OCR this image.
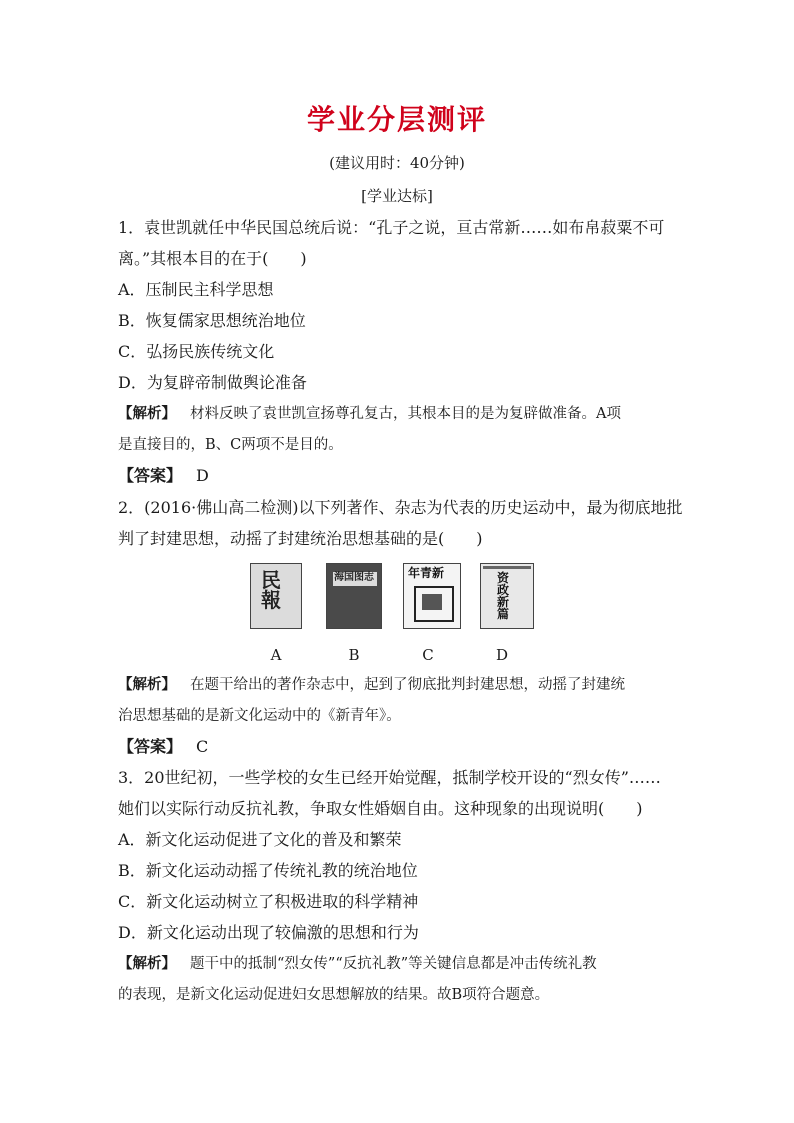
学业分层测评
(建议用时：40分钟)
[学业达标]
1．袁世凯就任中华民国总统后说：“孔子之说，亘古常新……如布帛菽粟不可
离。”其根本目的在于(　　)
A．压制民主科学思想
B．恢复儒家思想统治地位
C．弘扬民族传统文化
D．为复辟帝制做舆论准备
【解析】 材料反映了袁世凯宣扬尊孔复古，其根本目的是为复辟做准备。A项
是直接目的，B、C两项不是目的。
【答案】 D
2．(2016·佛山高二检测)以下列著作、杂志为代表的历史运动中，最为彻底地批
判了封建思想，动摇了封建统治思想基础的是(　　)
民報
海国图志	年青新	资政新篇
A	B	C	D
【解析】 在题干给出的著作杂志中，起到了彻底批判封建思想，动摇了封建统
治思想基础的是新文化运动中的《新青年》。
【答案】 C
3．20世纪初，一些学校的女生已经开始觉醒，抵制学校开设的“烈女传”……
她们以实际行动反抗礼教，争取女性婚姻自由。这种现象的出现说明(　　)
A．新文化运动促进了文化的普及和繁荣
B．新文化运动动摇了传统礼教的统治地位
C．新文化运动树立了积极进取的科学精神
D．新文化运动出现了较偏激的思想和行为
【解析】 题干中的抵制“烈女传”“反抗礼教”等关键信息都是冲击传统礼教
的表现，是新文化运动促进妇女思想解放的结果。故B项符合题意。
